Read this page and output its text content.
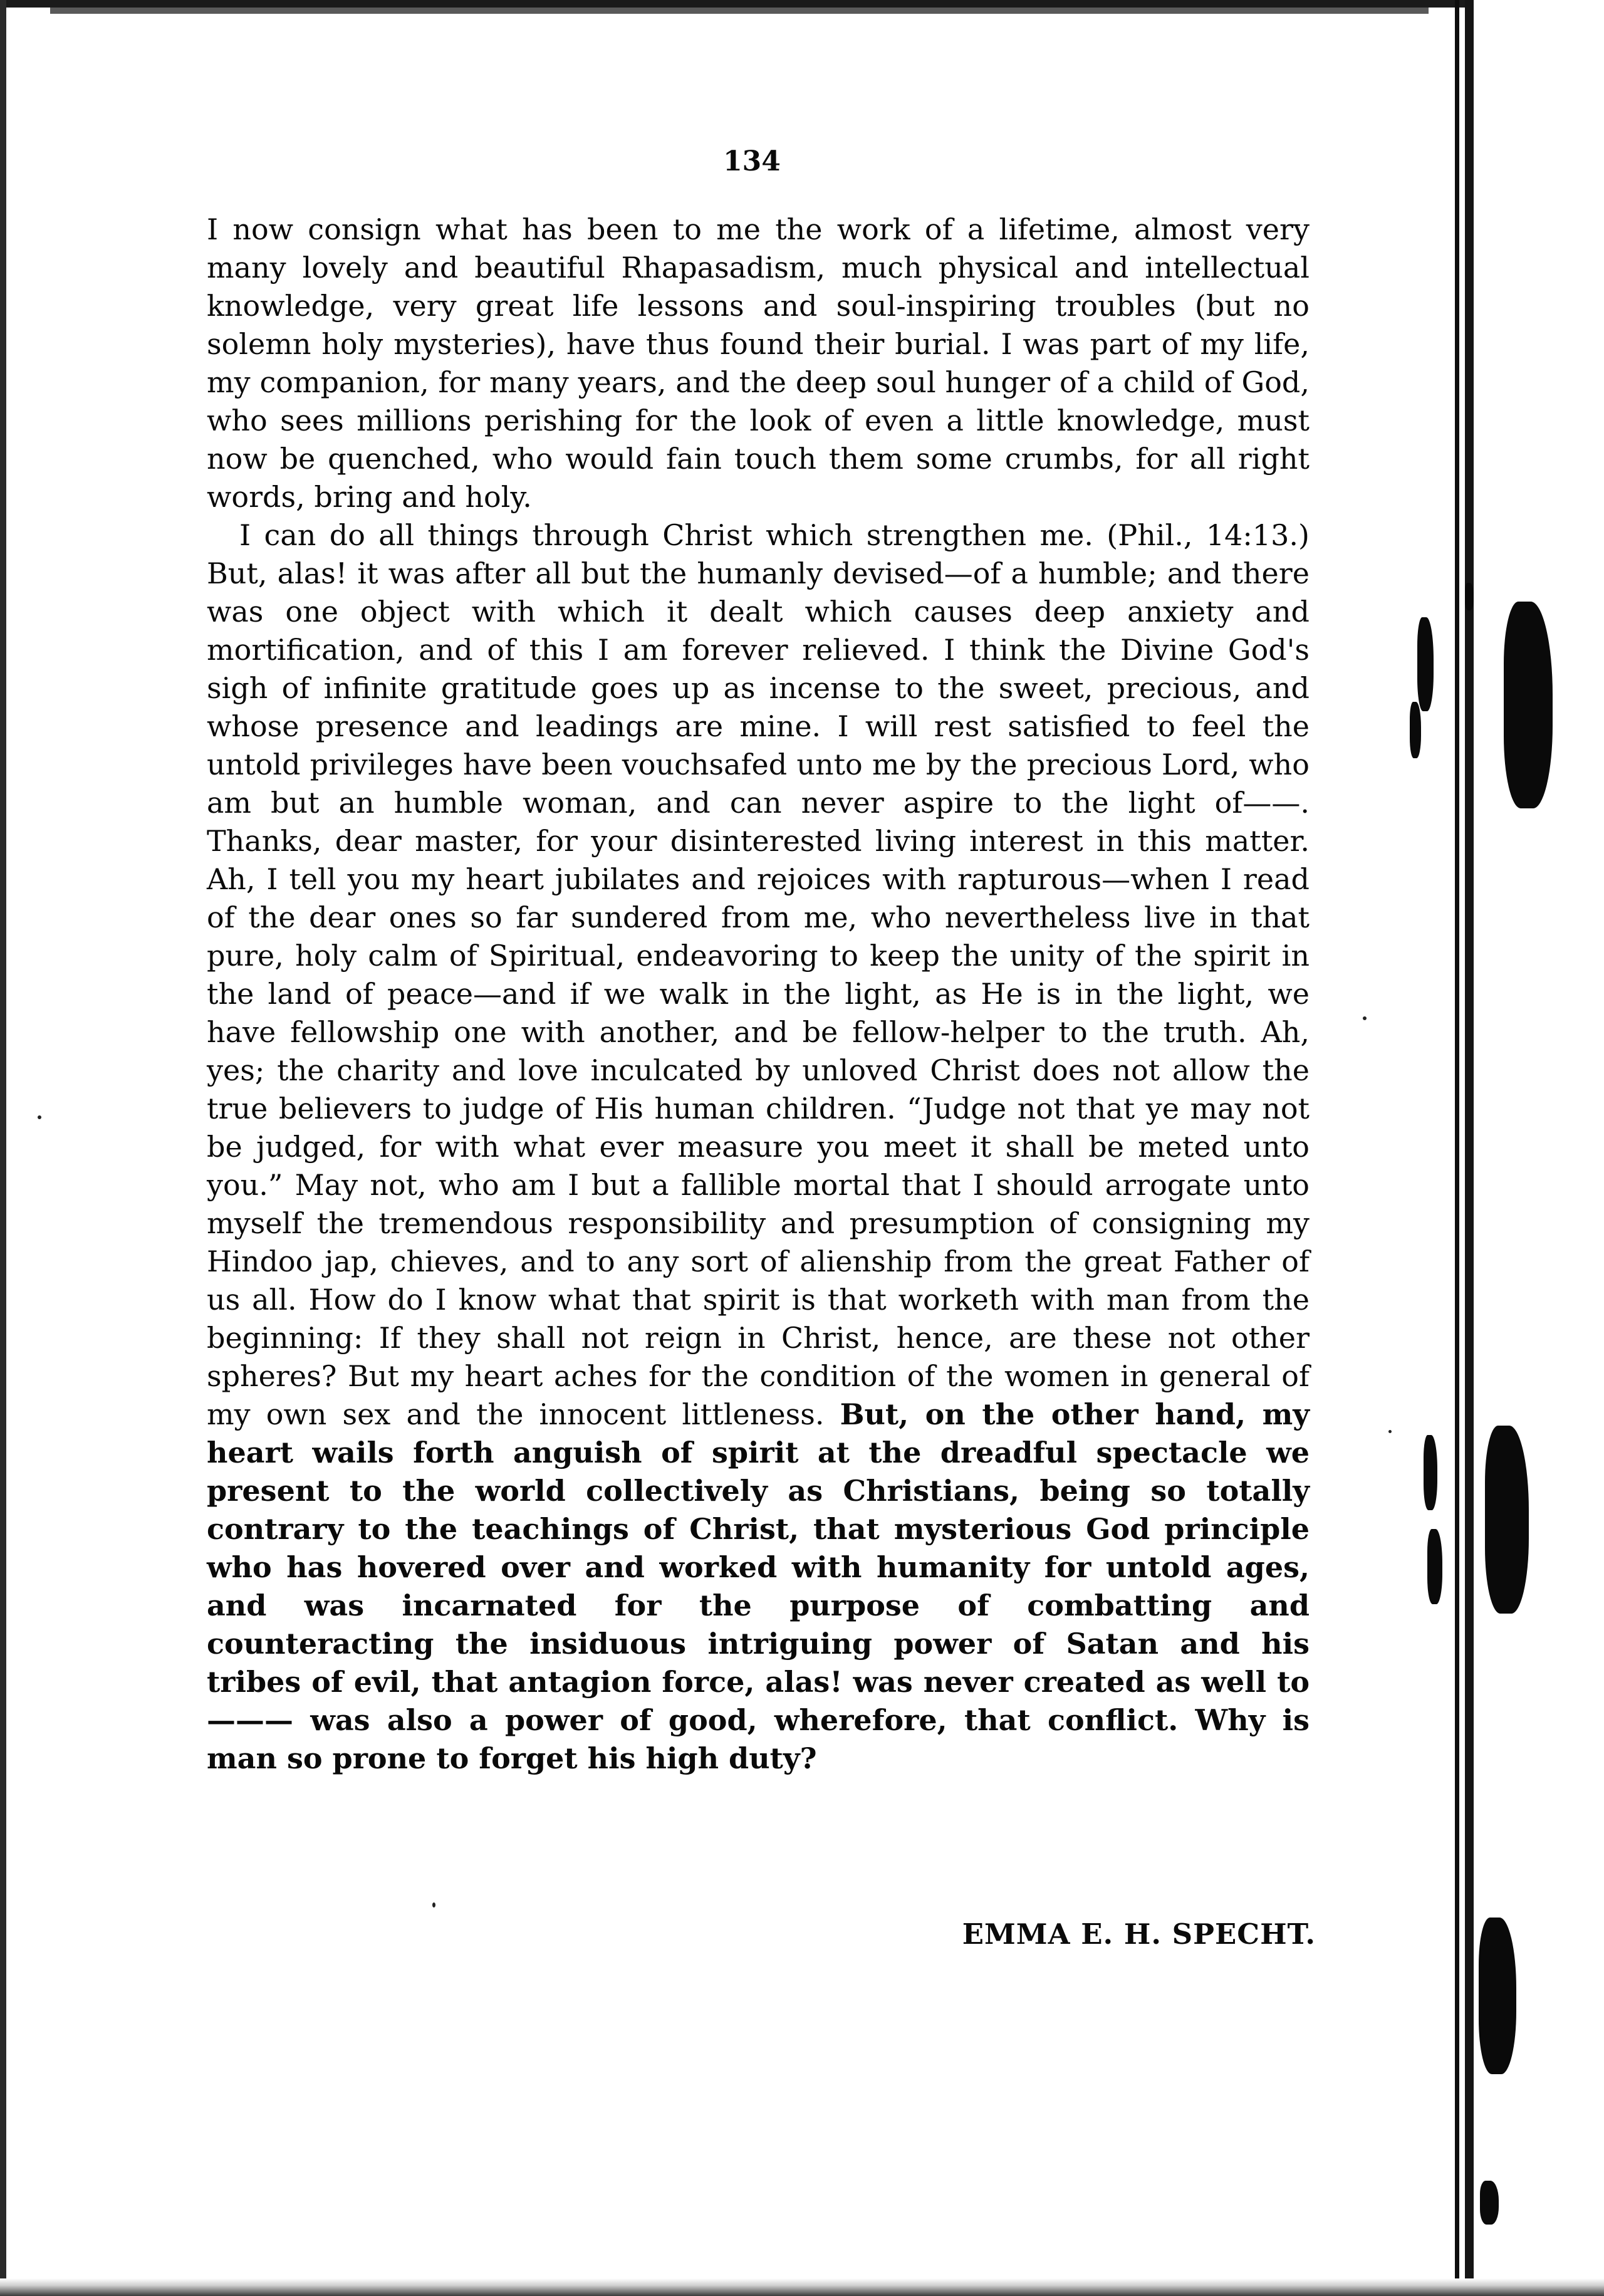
134

I now consign what has been to me the work of a lifetime, almost very many lovely and beautiful Rhapasadism, much physical and intellectual knowledge, very great life lessons and soul-inspiring troubles (but no solemn holy mysteries), have thus found their burial. I was part of my life, my companion, for many years, and the deep soul hunger of a child of God, who sees millions perishing for the look of even a little knowledge, must now be quenched, who would fain touch them some crumbs, for all right words, bring and holy.

I can do all things through Christ which strengthen me. (Phil., 14:13.) But, alas! it was after all but the humanly devised—of a humble; and there was one object with which it dealt which causes deep anxiety and mortification, and of this I am forever relieved. I think the Divine God's sigh of infinite gratitude goes up as incense to the sweet, precious, and whose presence and leadings are mine. I will rest satisfied to feel the untold privileges have been vouchsafed unto me by the precious Lord, who am but an humble woman, and can never aspire to the light of——. Thanks, dear master, for your disinterested living interest in this matter. Ah, I tell you my heart jubilates and rejoices with rapturous—when I read of the dear ones so far sundered from me, who nevertheless live in that pure, holy calm of Spiritual, endeavoring to keep the unity of the spirit in the land of peace—and if we walk in the light, as He is in the light, we have fellowship one with another, and be fellow-helper to the truth. Ah, yes; the charity and love inculcated by unloved Christ does not allow the true believers to judge of His human children. “Judge not that ye may not be judged, for with what ever measure you meet it shall be meted unto you.” May not, who am I but a fallible mortal that I should arrogate unto myself the tremendous responsibility and presumption of consigning my Hindoo jap, chieves, and to any sort of alienship from the great Father of us all. How do I know what that spirit is that worketh with man from the beginning: If they shall not reign in Christ, hence, are these not other spheres? But my heart aches for the condition of the women in general of my own sex and the innocent littleness. But, on the other hand, my heart wails forth anguish of spirit at the dreadful spectacle we present to the world collectively as Christians, being so totally contrary to the teachings of Christ, that mysterious God principle who has hovered over and worked with humanity for untold ages, and was incarnated for the purpose of combatting and counteracting the insiduous intriguing power of Satan and his tribes of evil, that antagion force, alas! was never created as well to ——— was also a power of good, wherefore, that conflict. Why is man so prone to forget his high duty?

EMMA E. H. SPECHT.
